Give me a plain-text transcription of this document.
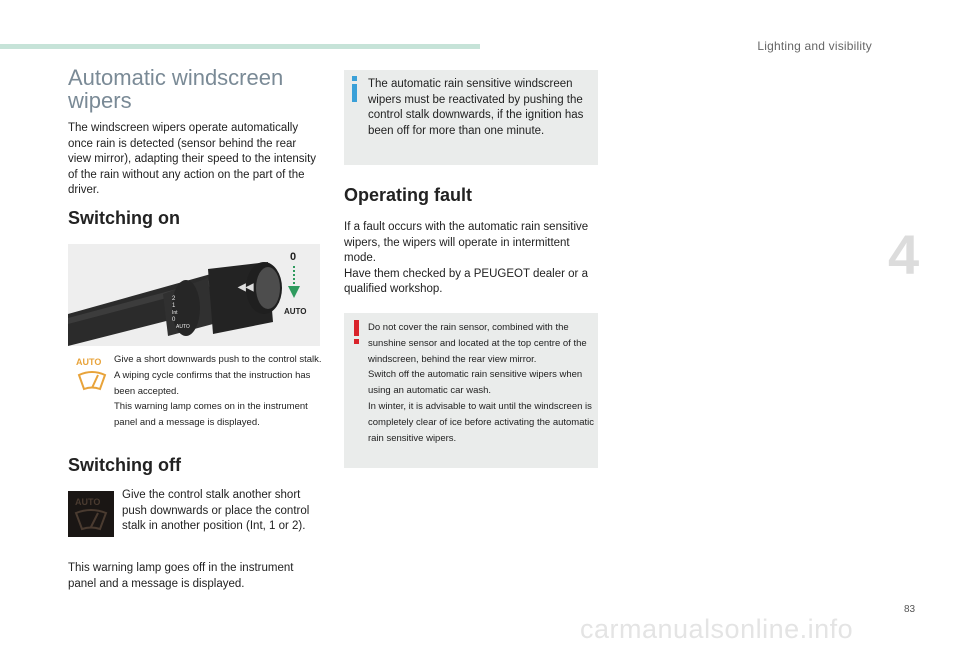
Lighting and visibility
4
Automatic windscreen wipers
The windscreen wipers operate automatically once rain is detected (sensor behind the rear view mirror), adapting their speed to the intensity of the rain without any action on the part of the driver.
Switching on
◀◀
2
1
Int
0
AUTO
0
AUTO
AUTO Give a short downwards push to the control stalk.
A wiping cycle confirms that the instruction has been accepted.
This warning lamp comes on in the instrument panel and a message is displayed.
Switching off
AUTO
Give the control stalk another short push downwards or place the control stalk in another position (Int, 1 or 2).
This warning lamp goes off in the instrument panel and a message is displayed.
The automatic rain sensitive windscreen wipers must be reactivated by pushing the control stalk downwards, if the ignition has been off for more than one minute.
Operating fault
If a fault occurs with the automatic rain sensitive wipers, the wipers will operate in intermittent mode.
Have them checked by a PEUGEOT dealer or a qualified workshop.
Do not cover the rain sensor, combined with the sunshine sensor and located at the top centre of the windscreen, behind the rear view mirror.
Switch off the automatic rain sensitive wipers when using an automatic car wash.
In winter, it is advisable to wait until the windscreen is completely clear of ice before activating the automatic rain sensitive wipers.
83
carmanualsonline.info
